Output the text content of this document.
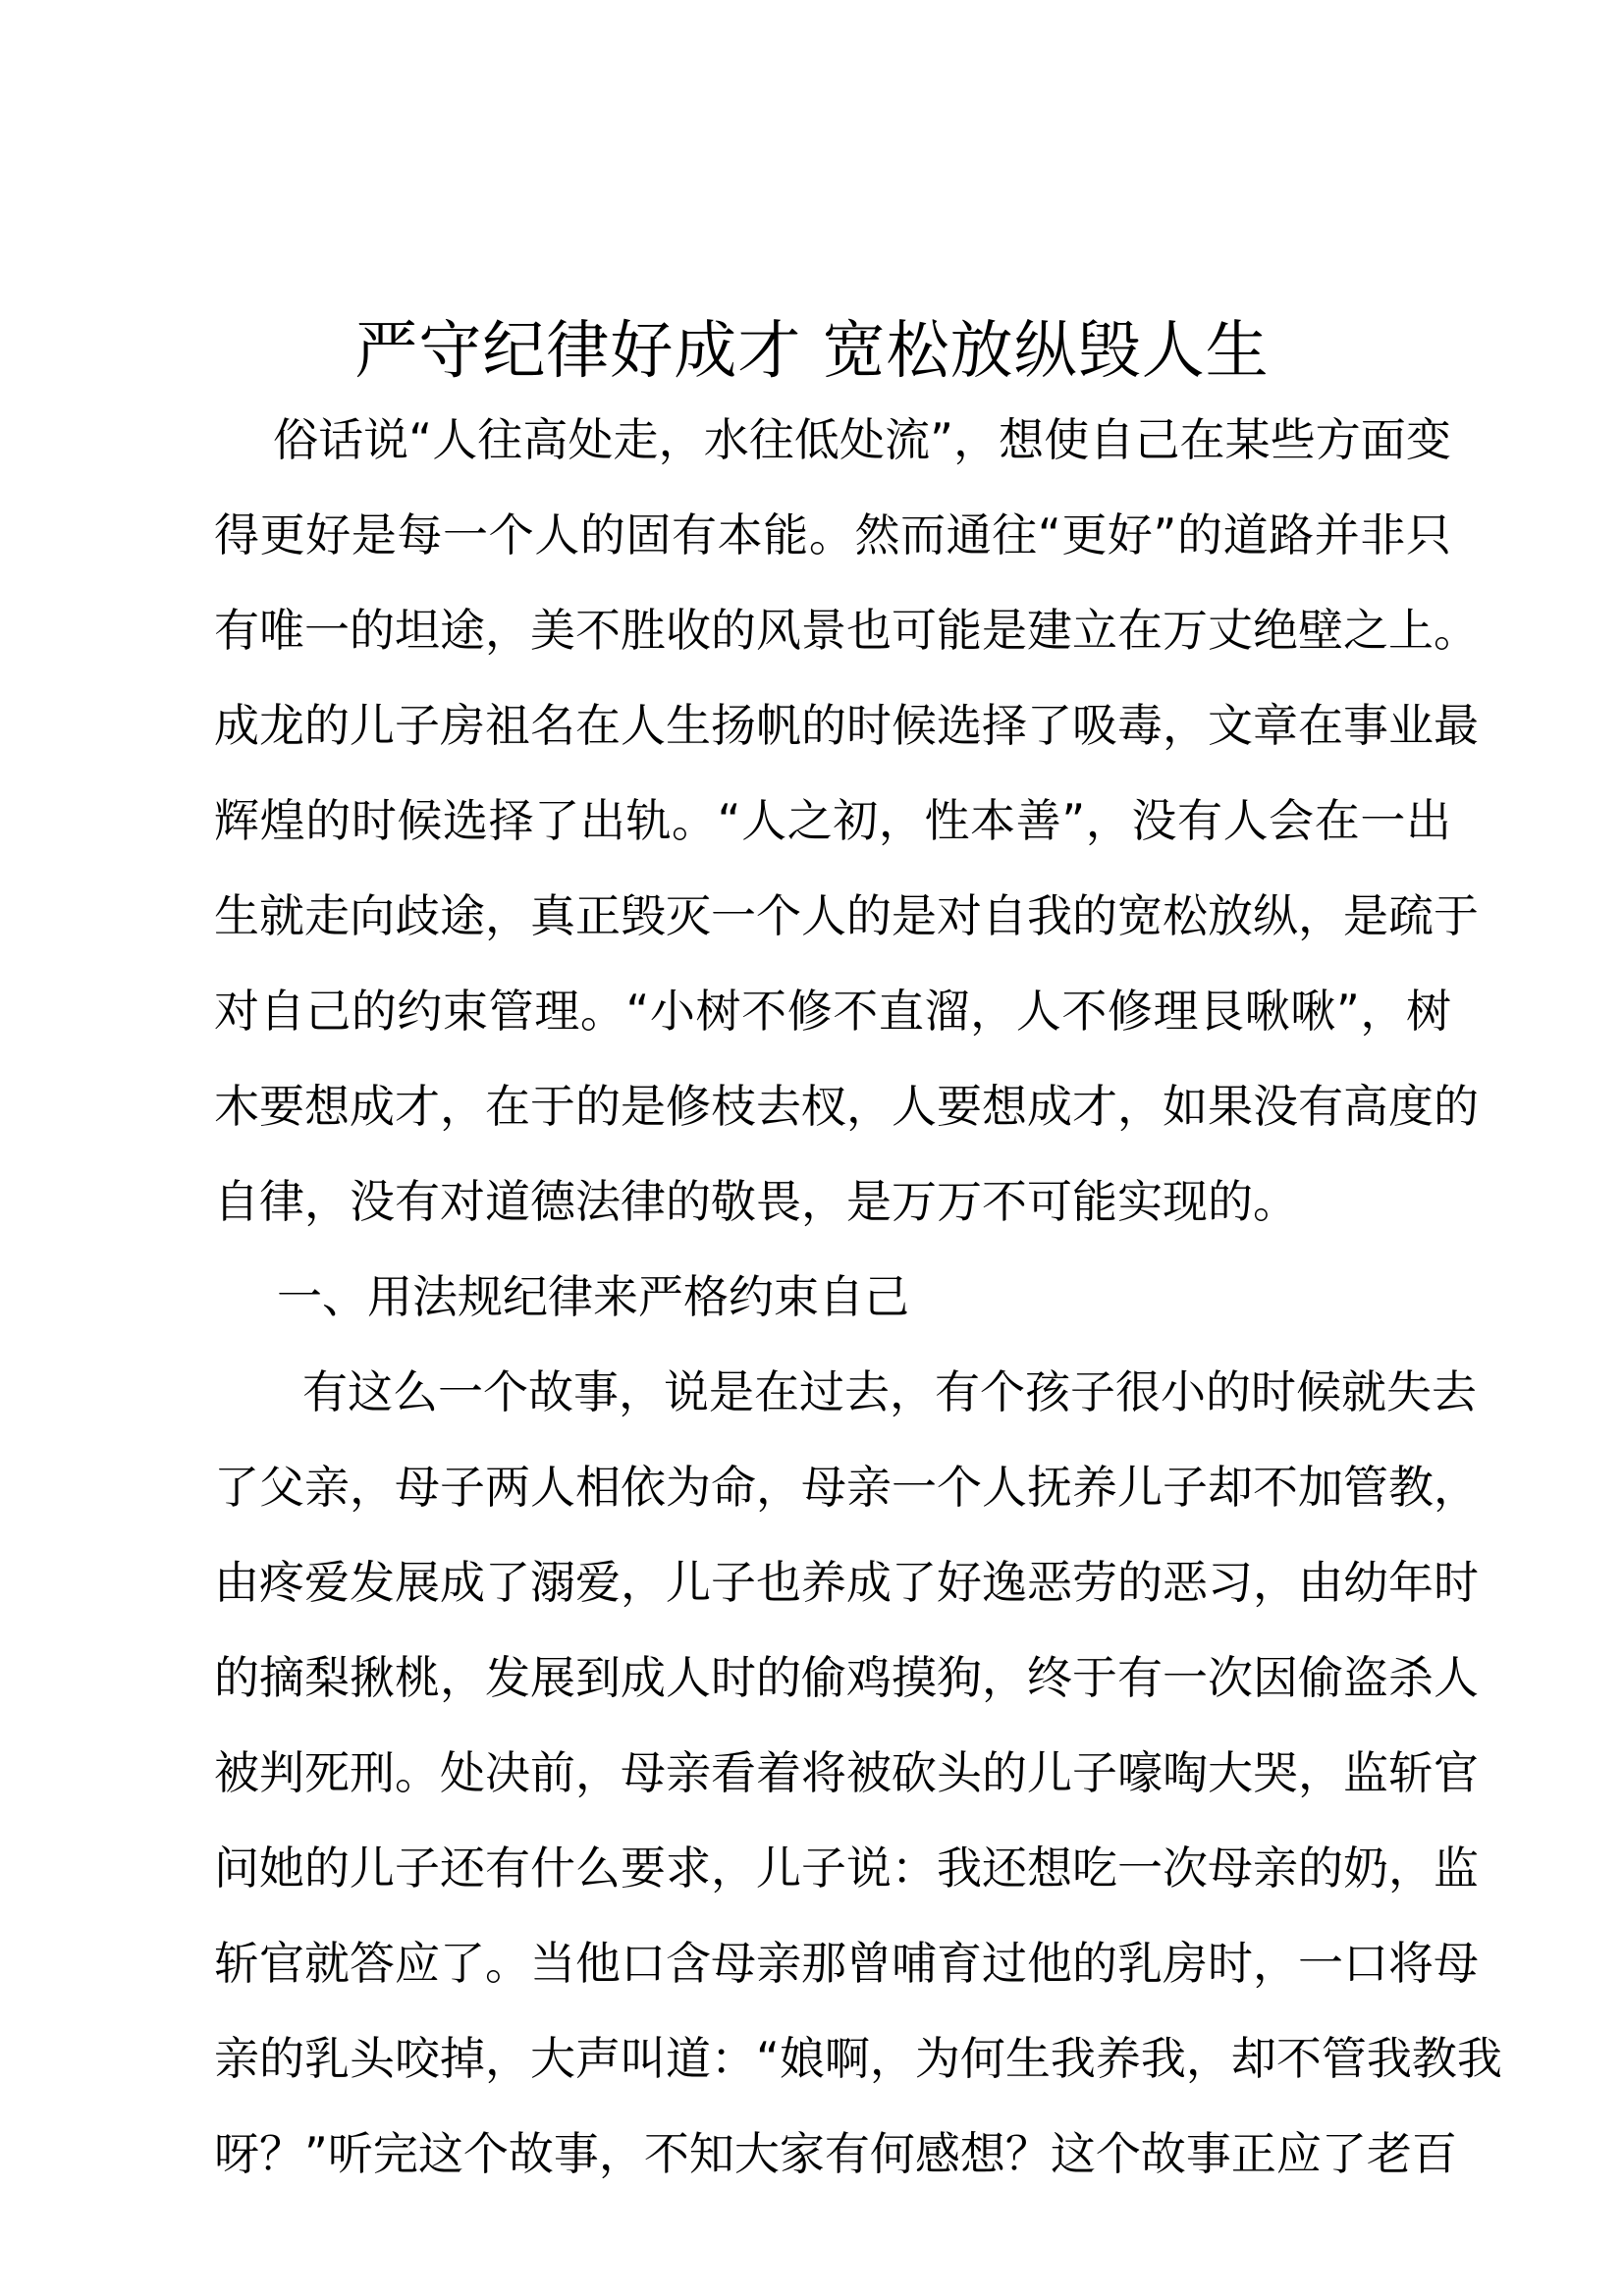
严守纪律好成才 宽松放纵毁人生
俗话说“人往高处走，水往低处流”，想使自己在某些方面变
得更好是每一个人的固有本能。然而通往“更好”的道路并非只
有唯一的坦途，美不胜收的风景也可能是建立在万丈绝壁之上。
成龙的儿子房祖名在人生扬帆的时候选择了吸毒，文章在事业最
辉煌的时候选择了出轨。“人之初，性本善”，没有人会在一出
生就走向歧途，真正毁灭一个人的是对自我的宽松放纵，是疏于
对自己的约束管理。“小树不修不直溜，人不修理艮啾啾”，树
木要想成才，在于的是修枝去杈，人要想成才，如果没有高度的
自律，没有对道德法律的敬畏，是万万不可能实现的。
一、用法规纪律来严格约束自己
有这么一个故事，说是在过去，有个孩子很小的时候就失去
了父亲，母子两人相依为命，母亲一个人抚养儿子却不加管教，
由疼爱发展成了溺爱，儿子也养成了好逸恶劳的恶习，由幼年时
的摘梨揪桃，发展到成人时的偷鸡摸狗，终于有一次因偷盗杀人
被判死刑。处决前，母亲看着将被砍头的儿子嚎啕大哭，监斩官
问她的儿子还有什么要求，儿子说：我还想吃一次母亲的奶，监
斩官就答应了。当他口含母亲那曾哺育过他的乳房时，一口将母
亲的乳头咬掉，大声叫道：“娘啊，为何生我养我，却不管我教我
呀？”听完这个故事，不知大家有何感想？这个故事正应了老百
